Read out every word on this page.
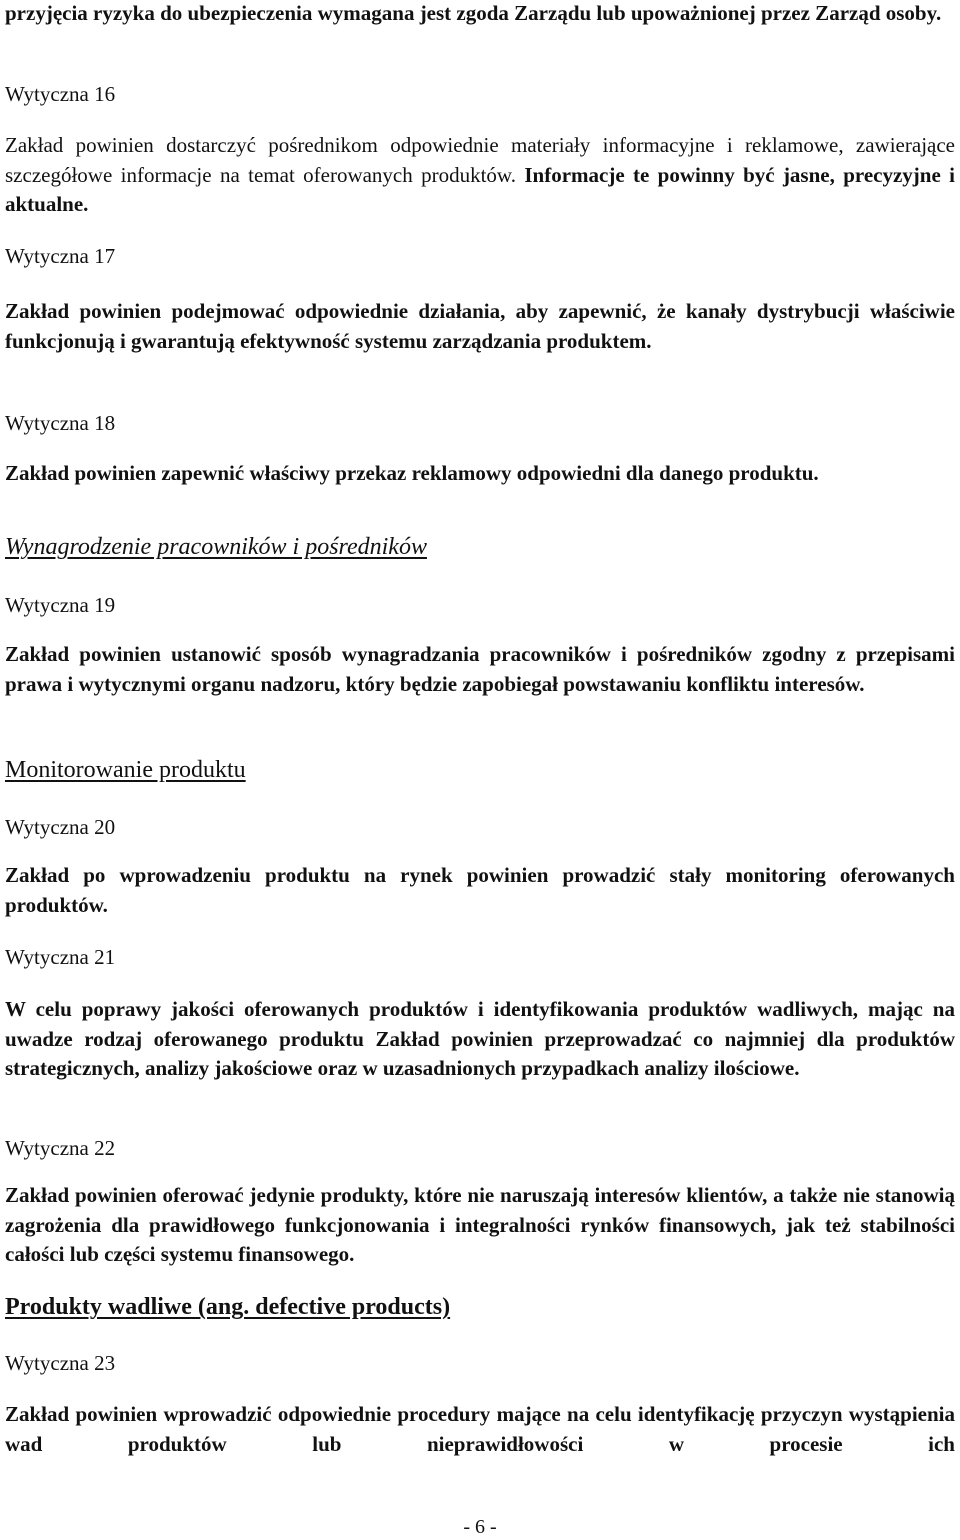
przyjęcia ryzyka do ubezpieczenia wymagana jest zgoda Zarządu lub upoważnionej przez Zarząd osoby.

Wytyczna 16

Zakład powinien dostarczyć pośrednikom odpowiednie materiały informacyjne i reklamowe, zawierające szczegółowe informacje na temat oferowanych produktów. Informacje te powinny być jasne, precyzyjne i aktualne.

Wytyczna 17

Zakład powinien podejmować odpowiednie działania, aby zapewnić, że kanały dystrybucji właściwie funkcjonują i gwarantują efektywność systemu zarządzania produktem.

Wytyczna 18

Zakład powinien zapewnić właściwy przekaz reklamowy odpowiedni dla danego produktu.

Wynagrodzenie pracowników i pośredników

Wytyczna 19

Zakład powinien ustanowić sposób wynagradzania pracowników i pośredników zgodny z przepisami prawa i wytycznymi organu nadzoru, który będzie zapobiegał powstawaniu konfliktu interesów.

Monitorowanie produktu

Wytyczna 20

Zakład po wprowadzeniu produktu na rynek powinien prowadzić stały monitoring oferowanych produktów.

Wytyczna 21

W celu poprawy jakości oferowanych produktów i identyfikowania produktów wadliwych, mając na uwadze rodzaj oferowanego produktu Zakład powinien przeprowadzać co najmniej dla produktów strategicznych, analizy jakościowe oraz w uzasadnionych przypadkach analizy ilościowe.

Wytyczna 22

Zakład powinien oferować jedynie produkty, które nie naruszają interesów klientów, a także nie stanowią zagrożenia dla prawidłowego funkcjonowania i integralności rynków finansowych, jak też stabilności całości lub części systemu finansowego.

Produkty wadliwe (ang. defective products)

Wytyczna 23

Zakład powinien wprowadzić odpowiednie procedury mające na celu identyfikację przyczyn wystąpienia wad produktów lub nieprawidłowości w procesie ich

- 6 -
